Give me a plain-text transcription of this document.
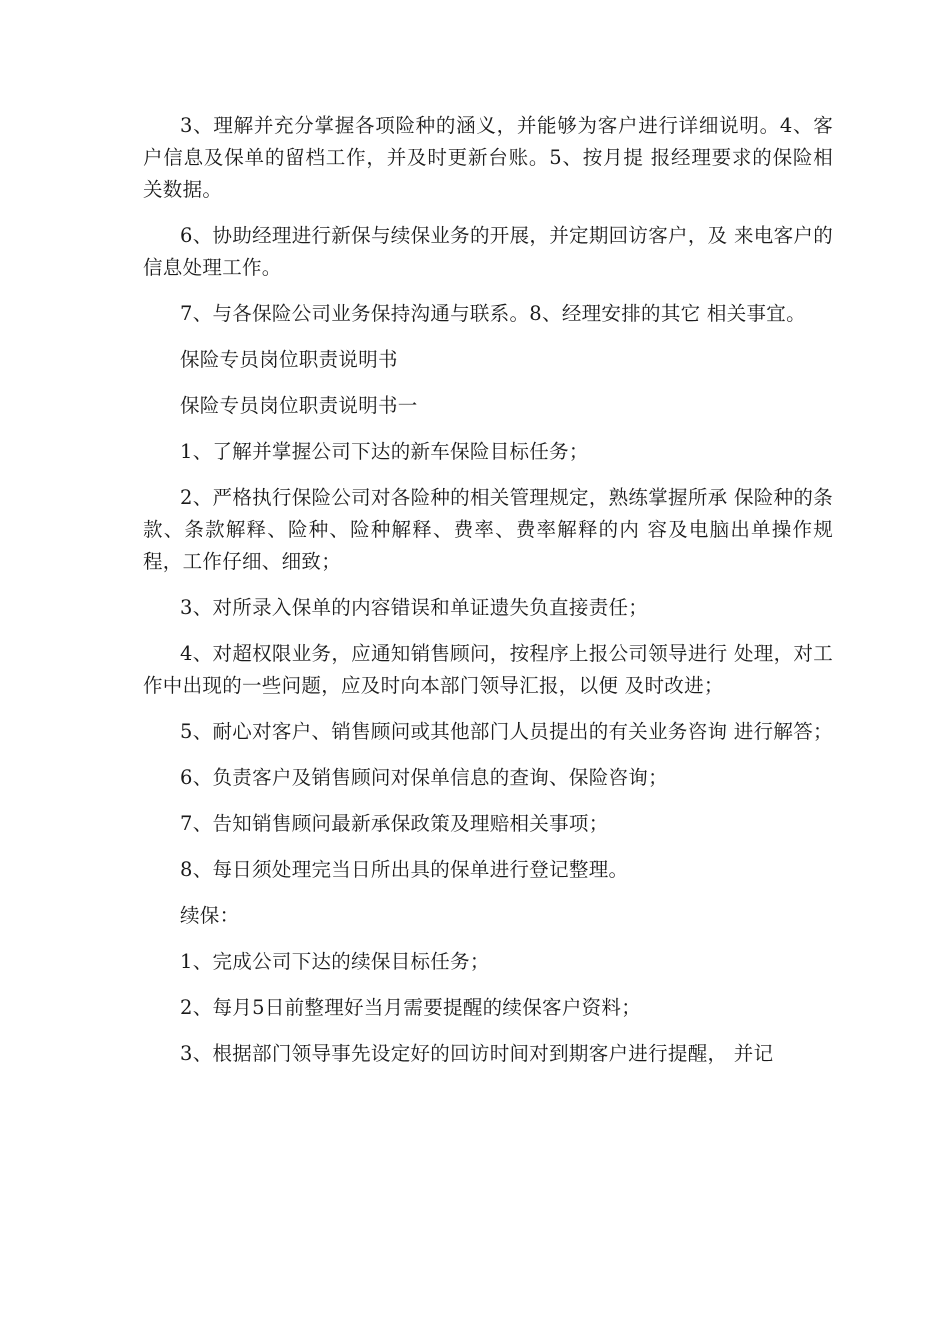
3、理解并充分掌握各项险种的涵义，并能够为客户进行详细说明。4、客户信息及保单的留档工作，并及时更新台账。5、按月提 报经理要求的保险相关数据。

6、协助经理进行新保与续保业务的开展，并定期回访客户，及 来电客户的信息处理工作。

7、与各保险公司业务保持沟通与联系。8、经理安排的其它 相关事宜。

保险专员岗位职责说明书

保险专员岗位职责说明书一

1、了解并掌握公司下达的新车保险目标任务；

2、严格执行保险公司对各险种的相关管理规定，熟练掌握所承 保险种的条款、条款解释、险种、险种解释、费率、费率解释的内 容及电脑出单操作规程，工作仔细、细致；

3、对所录入保单的内容错误和单证遗失负直接责任；

4、对超权限业务，应通知销售顾问，按程序上报公司领导进行 处理，对工作中出现的一些问题，应及时向本部门领导汇报，以便 及时改进；

5、耐心对客户、销售顾问或其他部门人员提出的有关业务咨询 进行解答；

6、负责客户及销售顾问对保单信息的查询、保险咨询；

7、告知销售顾问最新承保政策及理赔相关事项；

8、每日须处理完当日所出具的保单进行登记整理。

续保：

1、完成公司下达的续保目标任务；

2、每月5日前整理好当月需要提醒的续保客户资料；

3、根据部门领导事先设定好的回访时间对到期客户进行提醒， 并记
